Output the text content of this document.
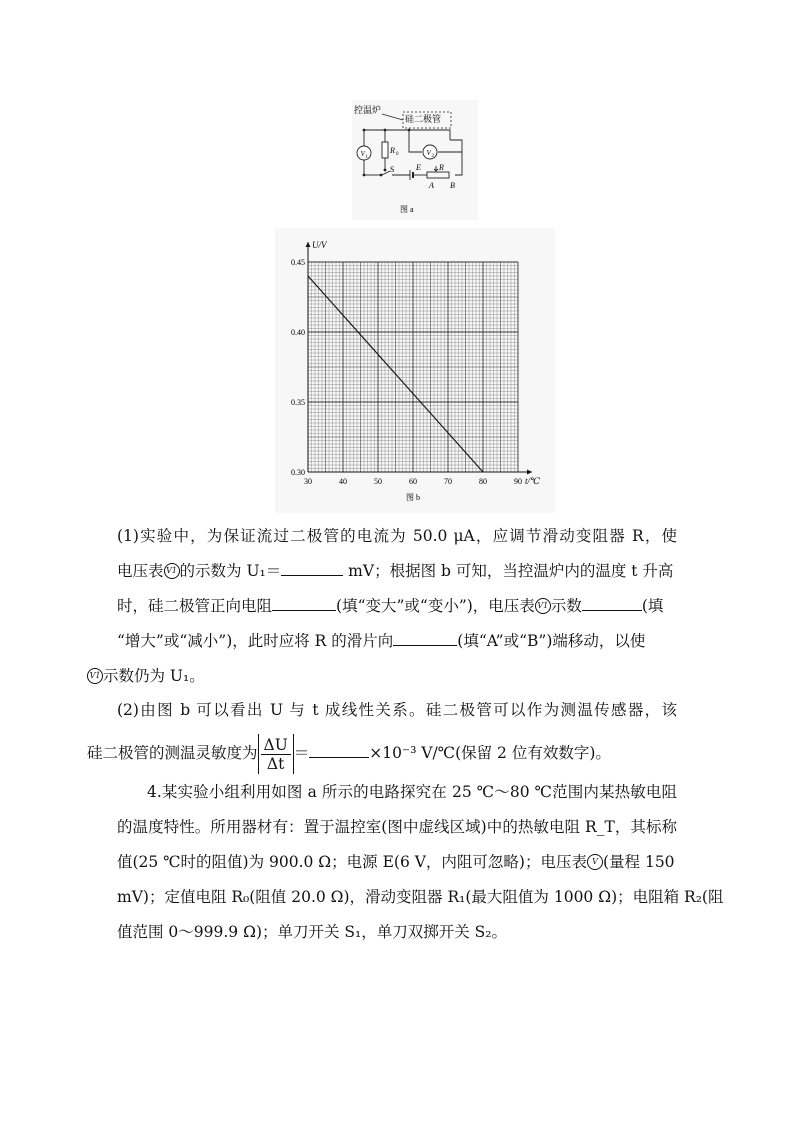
控温炉
硅二极管
V 1
V 2
R 0
S	E R
A B
图 a
30	40	50	60	70	80	90
0.30
0.35
0.40
0.45
U/V
t/℃
图 b
(1)实验中，为保证流过二极管的电流为 50.0 μA，应调节滑动变阻器 R，使
电压表 V1 的示数为 U₁＝	mV；根据图 b 可知，当控温炉内的温度 t 升高
时，硅二极管正向电阻	(填“变大”或“变小”)，电压表 V1 示数	(填
“增大”或“减小”)，此时应将 R 的滑片向	(填“A”或“B”)端移动，以使
V1 示数仍为 U₁。
(2)由图 b 可以看出 U 与 t 成线性关系。硅二极管可以作为测温传感器，该
硅二极管的测温灵敏度为 $\frac{\Delta U}{\Delta t}$ ＝	×10⁻³ V/℃(保留 2 位有效数字)。
4.某实验小组利用如图 a 所示的电路探究在 25 ℃～80 ℃范围内某热敏电阻
的温度特性。所用器材有：置于温控室(图中虚线区域)中的热敏电阻 R_T，其标称
值(25 ℃时的阻值)为 900.0 Ω；电源 E(6 V，内阻可忽略)；电压表 V (量程 150
mV)；定值电阻 R₀(阻值 20.0 Ω)，滑动变阻器 R₁(最大阻值为 1000 Ω)；电阻箱 R₂(阻
值范围 0～999.9 Ω)；单刀开关 S₁，单刀双掷开关 S₂。
